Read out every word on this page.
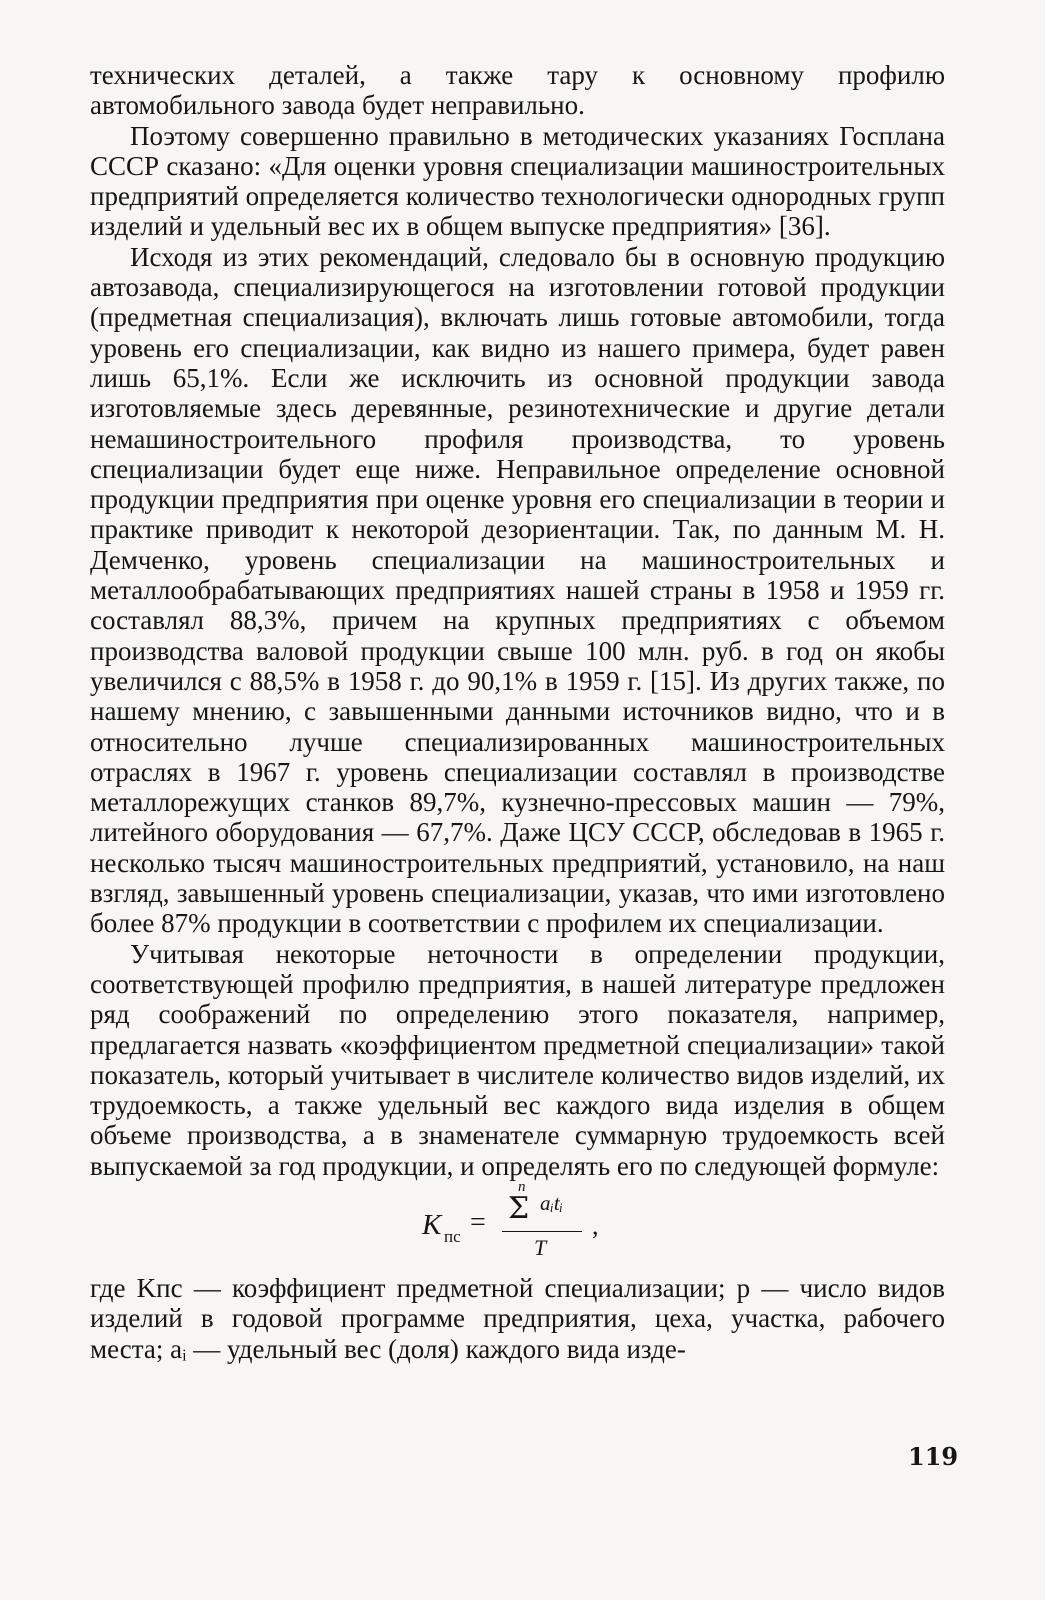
технических деталей, а также тару к основному профилю автомобильного завода будет неправильно.

Поэтому совершенно правильно в методических указаниях Госплана СССР сказано: «Для оценки уровня специализации машиностроительных предприятий определяется количество технологически однородных групп изделий и удельный вес их в общем выпуске предприятия» [36].

Исходя из этих рекомендаций, следовало бы в основную продукцию автозавода, специализирующегося на изготовлении готовой продукции (предметная специализация), включать лишь готовые автомобили, тогда уровень его специализации, как видно из нашего примера, будет равен лишь 65,1%. Если же исключить из основной продукции завода изготовляемые здесь деревянные, резинотехнические и другие детали немашиностроительного профиля производства, то уровень специализации будет еще ниже. Неправильное определение основной продукции предприятия при оценке уровня его специализации в теории и практике приводит к некоторой дезориентации. Так, по данным М. Н. Демченко, уровень специализации на машиностроительных и металлообрабатывающих предприятиях нашей страны в 1958 и 1959 гг. составлял 88,3%, причем на крупных предприятиях с объемом производства валовой продукции свыше 100 млн. руб. в год он якобы увеличился с 88,5% в 1958 г. до 90,1% в 1959 г. [15]. Из других также, по нашему мнению, с завышенными данными источников видно, что и в относительно лучше специализированных машиностроительных отраслях в 1967 г. уровень специализации составлял в производстве металлорежущих станков 89,7%, кузнечно-прессовых машин — 79%, литейного оборудования — 67,7%. Даже ЦСУ СССР, обследовав в 1965 г. несколько тысяч машиностроительных предприятий, установило, на наш взгляд, завышенный уровень специализации, указав, что ими изготовлено более 87% продукции в соответствии с профилем их специализации.

Учитывая некоторые неточности в определении продукции, соответствующей профилю предприятия, в нашей литературе предложен ряд соображений по определению этого показателя, например, предлагается назвать «коэффициентом предметной специализации» такой показатель, который учитывает в числителе количество видов изделий, их трудоемкость, а также удельный вес каждого вида изделия в общем объеме производства, а в знаменателе суммарную трудоемкость всей выпускаемой за год продукции, и определять его по следующей формуле:

K пс =
n
Σ aᵢtᵢ
T
,

где Kпс — коэффициент предметной специализации; p — число видов изделий в годовой программе предприятия, цеха, участка, рабочего места; aᵢ — удельный вес (доля) каждого вида изде-

119
